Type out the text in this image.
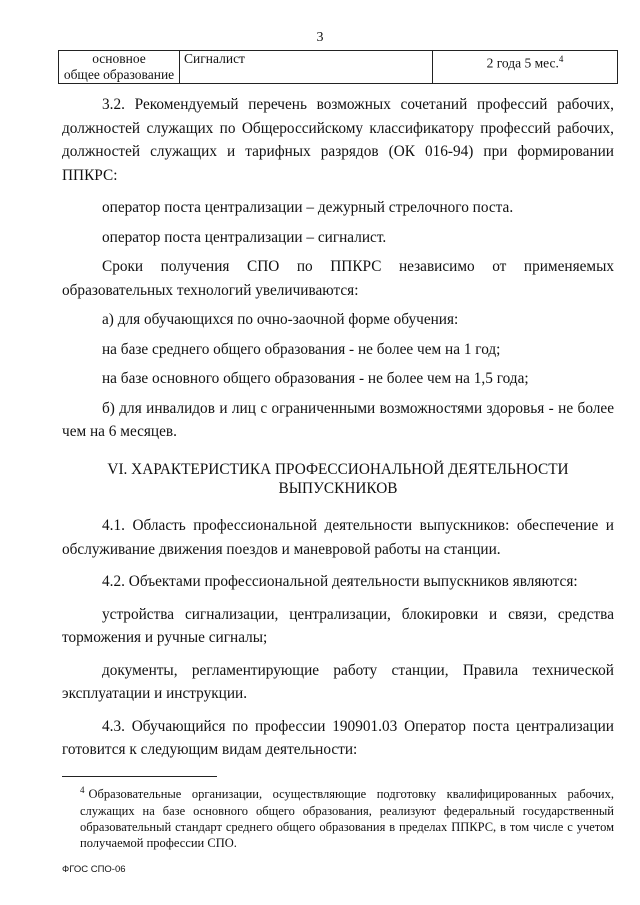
3
основное
общее образование
	Сигналист	2 года 5 мес.$^4$

3.2. Рекомендуемый перечень возможных сочетаний профессий рабочих, должностей служащих по Общероссийскому классификатору профессий рабочих, должностей служащих и тарифных разрядов (ОК 016-94) при формировании ППКРС:

оператор поста централизации – дежурный стрелочного поста.

оператор поста централизации – сигналист.

Сроки получения СПО по ППКРС независимо от применяемых образовательных технологий увеличиваются:

а) для обучающихся по очно-заочной форме обучения:

на базе среднего общего образования - не более чем на 1 год;

на базе основного общего образования - не более чем на 1,5 года;

б) для инвалидов и лиц с ограниченными возможностями здоровья - не более чем на 6 месяцев.

VI. ХАРАКТЕРИСТИКА ПРОФЕССИОНАЛЬНОЙ ДЕЯТЕЛЬНОСТИ
ВЫПУСКНИКОВ

4.1. Область профессиональной деятельности выпускников: обеспечение и обслуживание движения поездов и маневровой работы на станции.

4.2. Объектами профессиональной деятельности выпускников являются:

устройства сигнализации, централизации, блокировки и связи, средства торможения и ручные сигналы;

документы, регламентирующие работу станции, Правила технической эксплуатации и инструкции.

4.3. Обучающийся по профессии 190901.03 Оператор поста централизации готовится к следующим видам деятельности:

$^4$ Образовательные организации, осуществляющие подготовку квалифицированных рабочих, служащих на базе основного общего образования, реализуют федеральный государственный образовательный стандарт среднего общего образования в пределах ППКРС, в том числе с учетом получаемой профессии СПО.
ФГОС СПО-06
